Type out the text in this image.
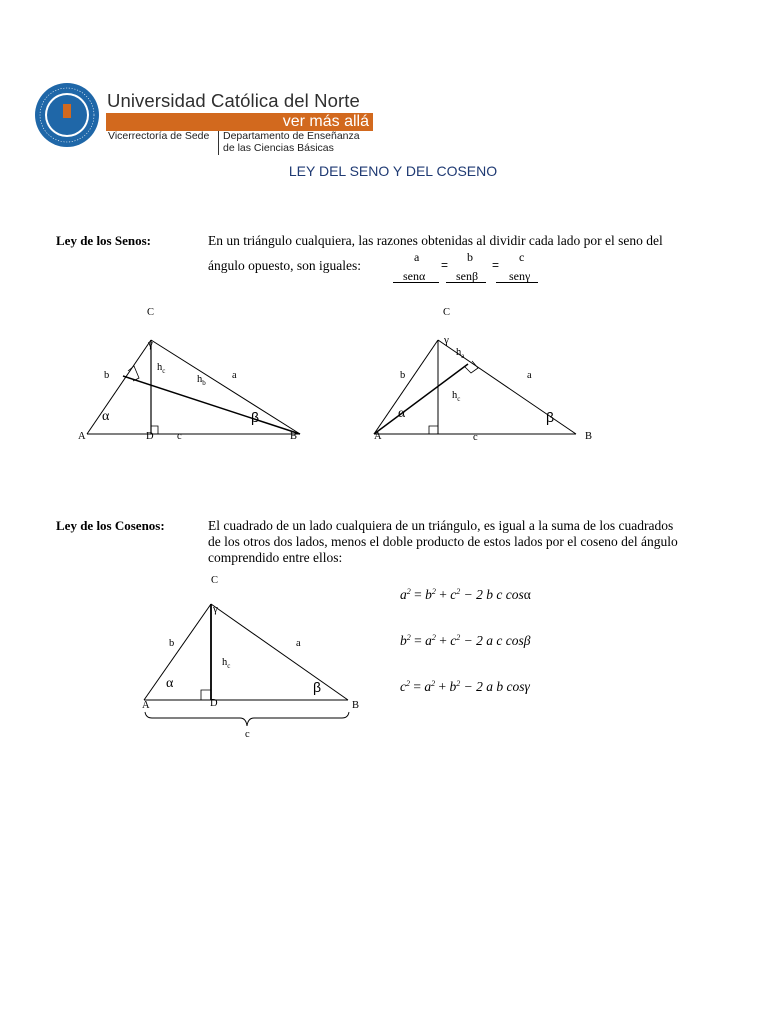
Universidad Católica del Norte
ver más allá
Vicerrectoría de Sede Departamento de Enseñanza
de las Ciencias Básicas
LEY DEL SENO Y DEL COSENO
Ley de los Senos:	En un triángulo cualquiera, las razones obtenidas al dividir cada lado por el seno del
ángulo opuesto, son iguales:
a	b	c
=	=
senα	senβ	senγ
C
γ
b
$h_c$
$h_b$
a
α	β
A	D c	B
C
γ
$h_a$
b	a
$h_c$
α	β
A	c	B
Ley de los Cosenos:	El cuadrado de un lado cualquiera de un triángulo, es igual a la suma de los cuadrados
de los otros dos lados, menos el doble producto de estos lados por el coseno del ángulo
comprendido entre ellos:
C
γ
b	a
$h_c$
α	β
A	D	B
c
$a^2 = b^2 + c^2 - 2$ b c cosα
$b^2 = a^2 + c^2 - 2$ a c cosβ
$c^2 = a^2 + b^2 - 2$ a b cosγ
